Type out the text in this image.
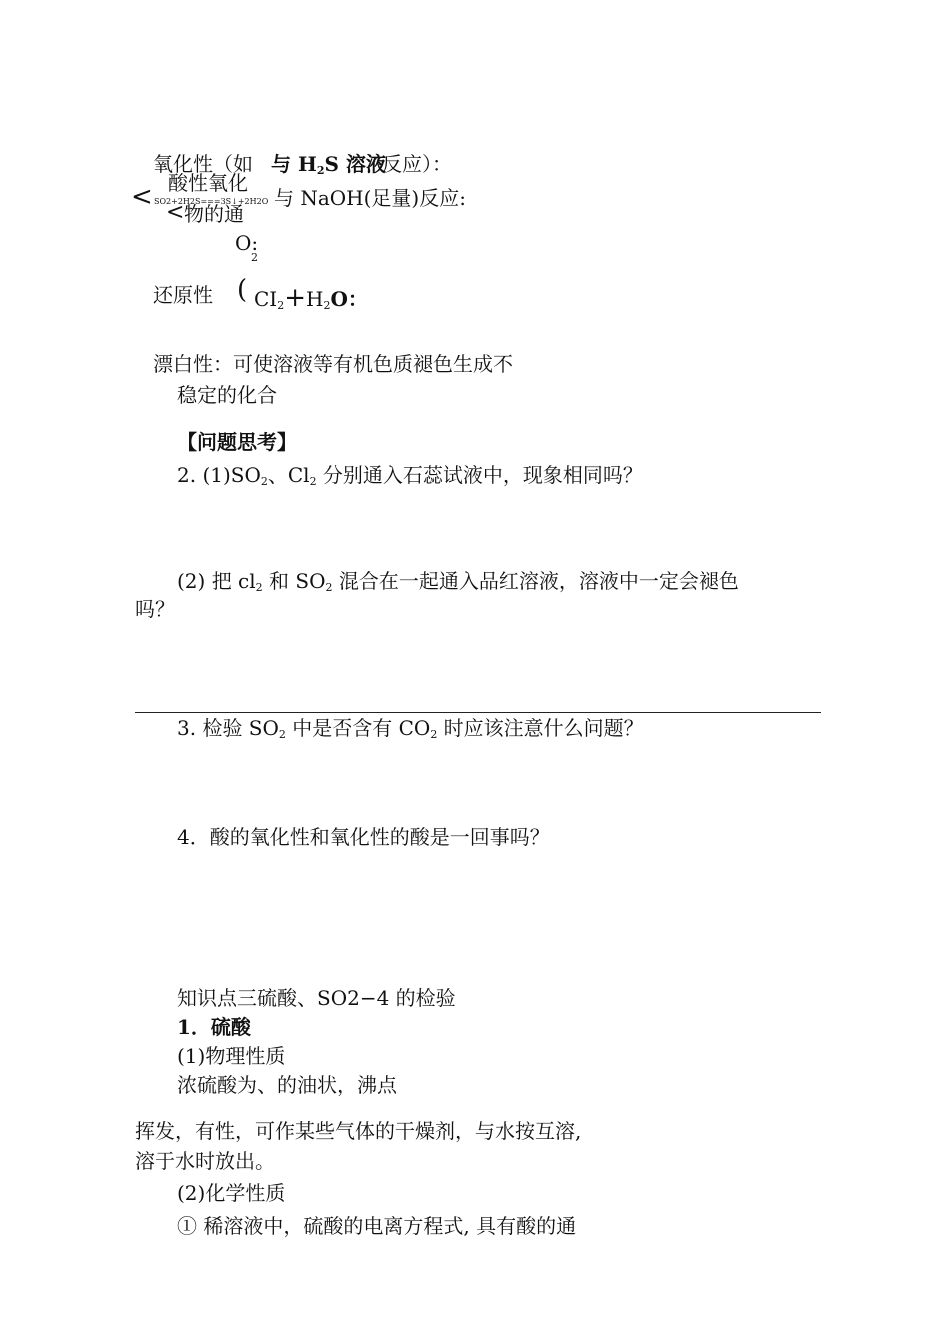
氧化性（如 与 $H_2S$ 溶液
反应）：
酸性氧化
< SO2+2H2S===3S↓+2H2O 与 NaOH(足量)反应:
< 物的通
O:
2
还原性 ( $CI_2+H_2O$：
漂白性：可使溶液等有机色质褪色生成不
稳定的化合
【问题思考】
2. $(1)SO_2$、$Cl_2$ 分别通入石蕊试液中，现象相同吗？
(2) 把 $cl_2$ 和 $SO_2$ 混合在一起通入品红溶液，溶液中一定会褪色
吗？
3. 检验 $SO_2$ 中是否含有 $CO_2$ 时应该注意什么问题？
4．酸的氧化性和氧化性的酸是一回事吗？
知识点三硫酸、SO2−4 的检验
1．硫酸
(1)物理性质
浓硫酸为、的油状，沸点
挥发，有性，可作某些气体的干燥剂，与水按互溶,
溶于水时放出。
(2)化学性质
① 稀溶液中，硫酸的电离方程式, 具有酸的通
